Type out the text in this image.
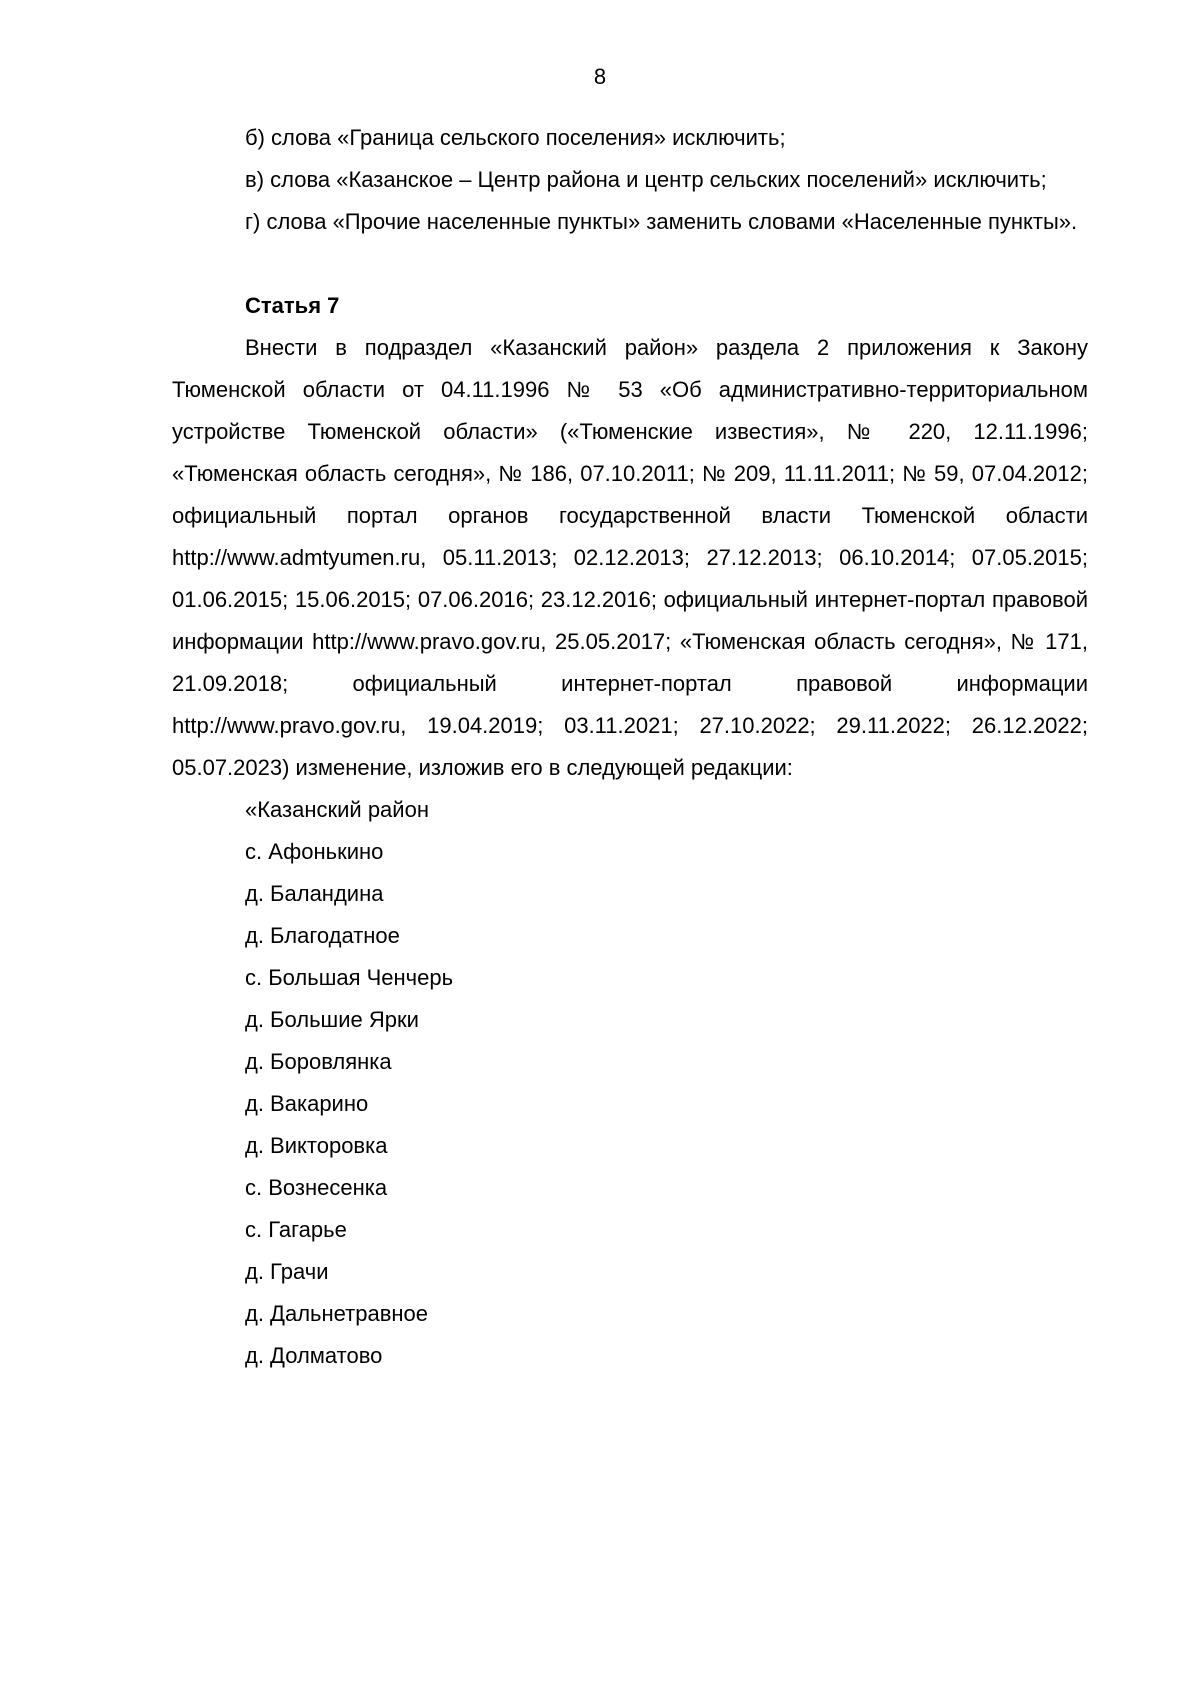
8

б) слова «Граница сельского поселения» исключить;

в) слова «Казанское – Центр района и центр сельских поселений» исключить;

г) слова «Прочие населенные пункты» заменить словами «Населенные пункты».

Статья 7

Внести в подраздел «Казанский район» раздела 2 приложения к Закону Тюменской области от 04.11.1996 № 53 «Об административно-территориальном устройстве Тюменской области» («Тюменские известия», № 220, 12.11.1996; «Тюменская область сегодня», № 186, 07.10.2011; № 209, 11.11.2011; № 59, 07.04.2012; официальный портал органов государственной власти Тюменской области http://www.admtyumen.ru, 05.11.2013; 02.12.2013; 27.12.2013; 06.10.2014; 07.05.2015; 01.06.2015; 15.06.2015; 07.06.2016; 23.12.2016; официальный интернет-портал правовой информации http://www.pravo.gov.ru, 25.05.2017; «Тюменская область сегодня», № 171, 21.09.2018; официальный интернет-портал правовой информации http://www.pravo.gov.ru, 19.04.2019; 03.11.2021; 27.10.2022; 29.11.2022; 26.12.2022; 05.07.2023) изменение, изложив его в следующей редакции:

«Казанский район

с. Афонькино

д. Баландина

д. Благодатное

с. Большая Ченчерь

д. Большие Ярки

д. Боровлянка

д. Вакарино

д. Викторовка

с. Вознесенка

с. Гагарье

д. Грачи

д. Дальнетравное

д. Долматово
